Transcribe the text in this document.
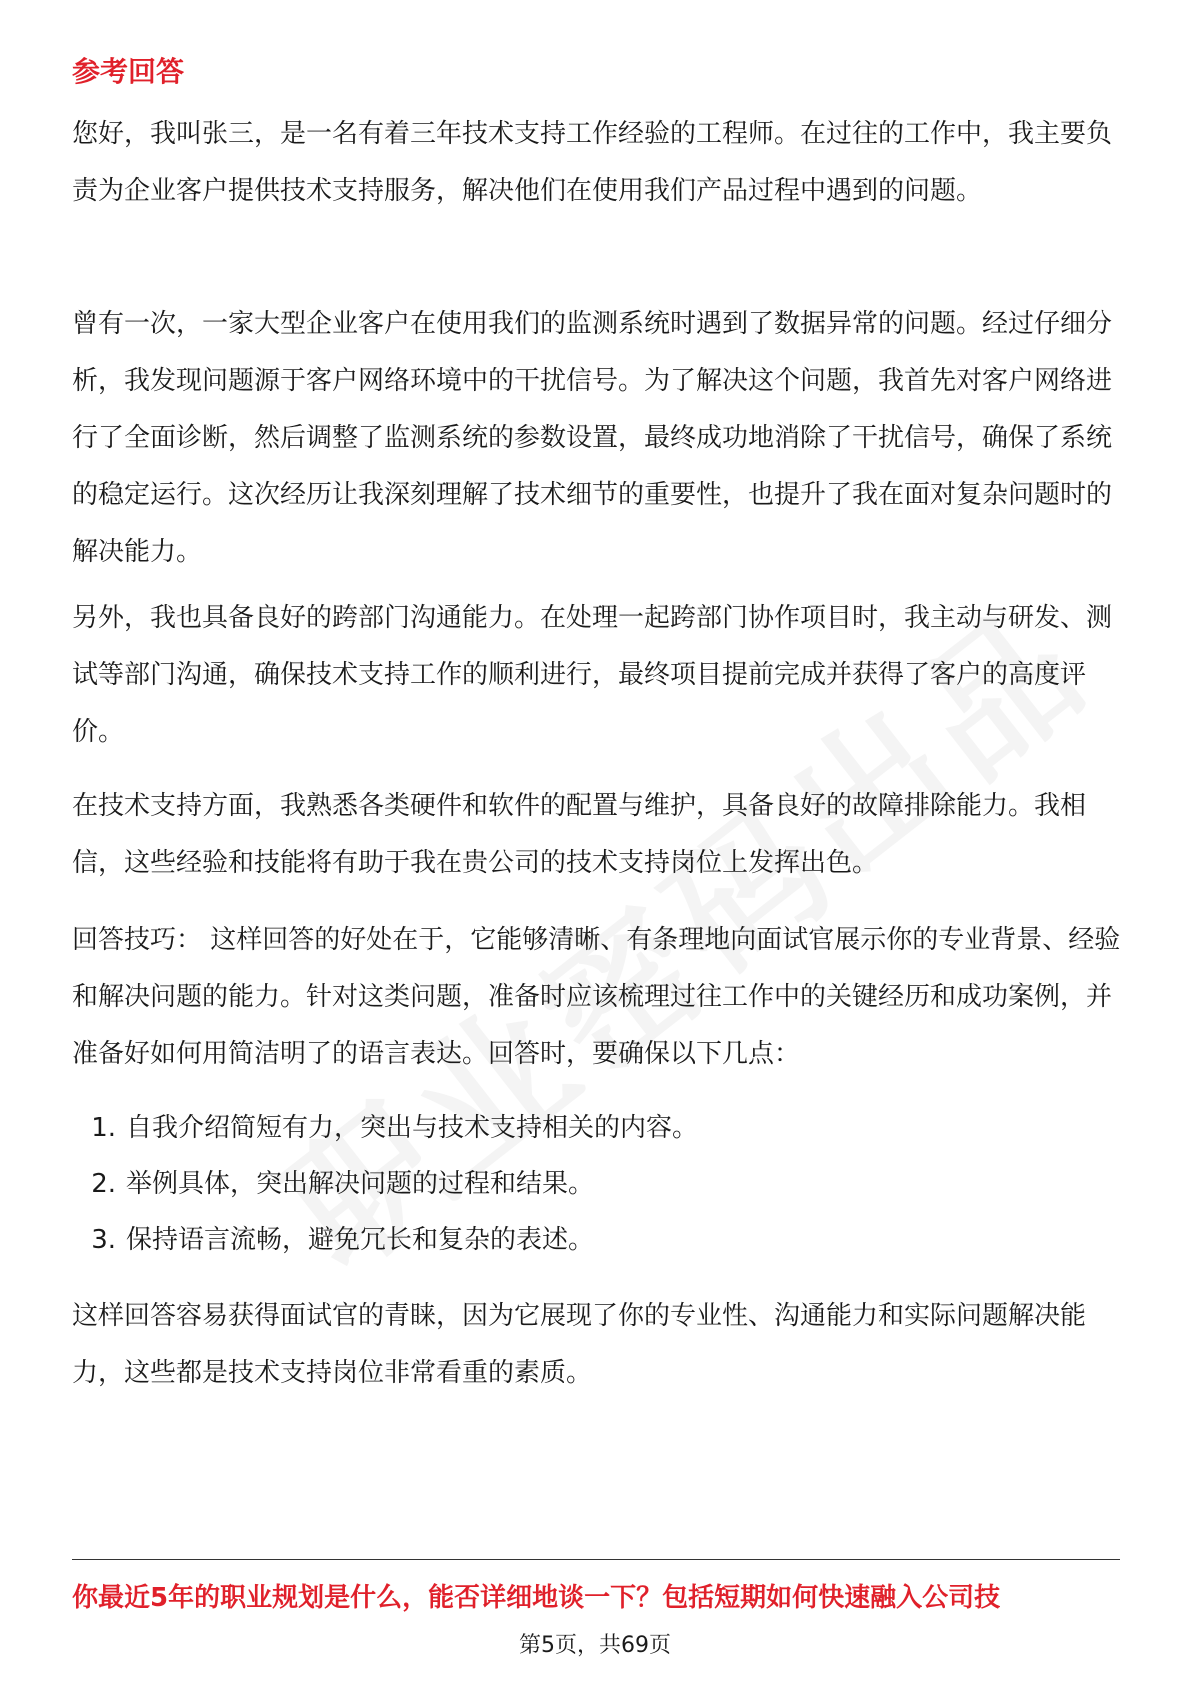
参考回答

您好，我叫张三，是一名有着三年技术支持工作经验的工程师。在过往的工作中，我主要负责为企业客户提供技术支持服务，解决他们在使用我们产品过程中遇到的问题。

曾有一次，一家大型企业客户在使用我们的监测系统时遇到了数据异常的问题。经过仔细分析，我发现问题源于客户网络环境中的干扰信号。为了解决这个问题，我首先对客户网络进行了全面诊断，然后调整了监测系统的参数设置，最终成功地消除了干扰信号，确保了系统的稳定运行。这次经历让我深刻理解了技术细节的重要性，也提升了我在面对复杂问题时的解决能力。

另外，我也具备良好的跨部门沟通能力。在处理一起跨部门协作项目时，我主动与研发、测试等部门沟通，确保技术支持工作的顺利进行，最终项目提前完成并获得了客户的高度评价。

在技术支持方面，我熟悉各类硬件和软件的配置与维护，具备良好的故障排除能力。我相信，这些经验和技能将有助于我在贵公司的技术支持岗位上发挥出色。

回答技巧： 这样回答的好处在于，它能够清晰、有条理地向面试官展示你的专业背景、经验和解决问题的能力。针对这类问题，准备时应该梳理过往工作中的关键经历和成功案例，并准备好如何用简洁明了的语言表达。回答时，要确保以下几点：

1. 自我介绍简短有力，突出与技术支持相关的内容。
2. 举例具体，突出解决问题的过程和结果。
3. 保持语言流畅，避免冗长和复杂的表述。

这样回答容易获得面试官的青睐，因为它展现了你的专业性、沟通能力和实际问题解决能力，这些都是技术支持岗位非常看重的素质。

你最近5年的职业规划是什么，能否详细地谈一下？包括短期如何快速融入公司技
第5页，共69页
